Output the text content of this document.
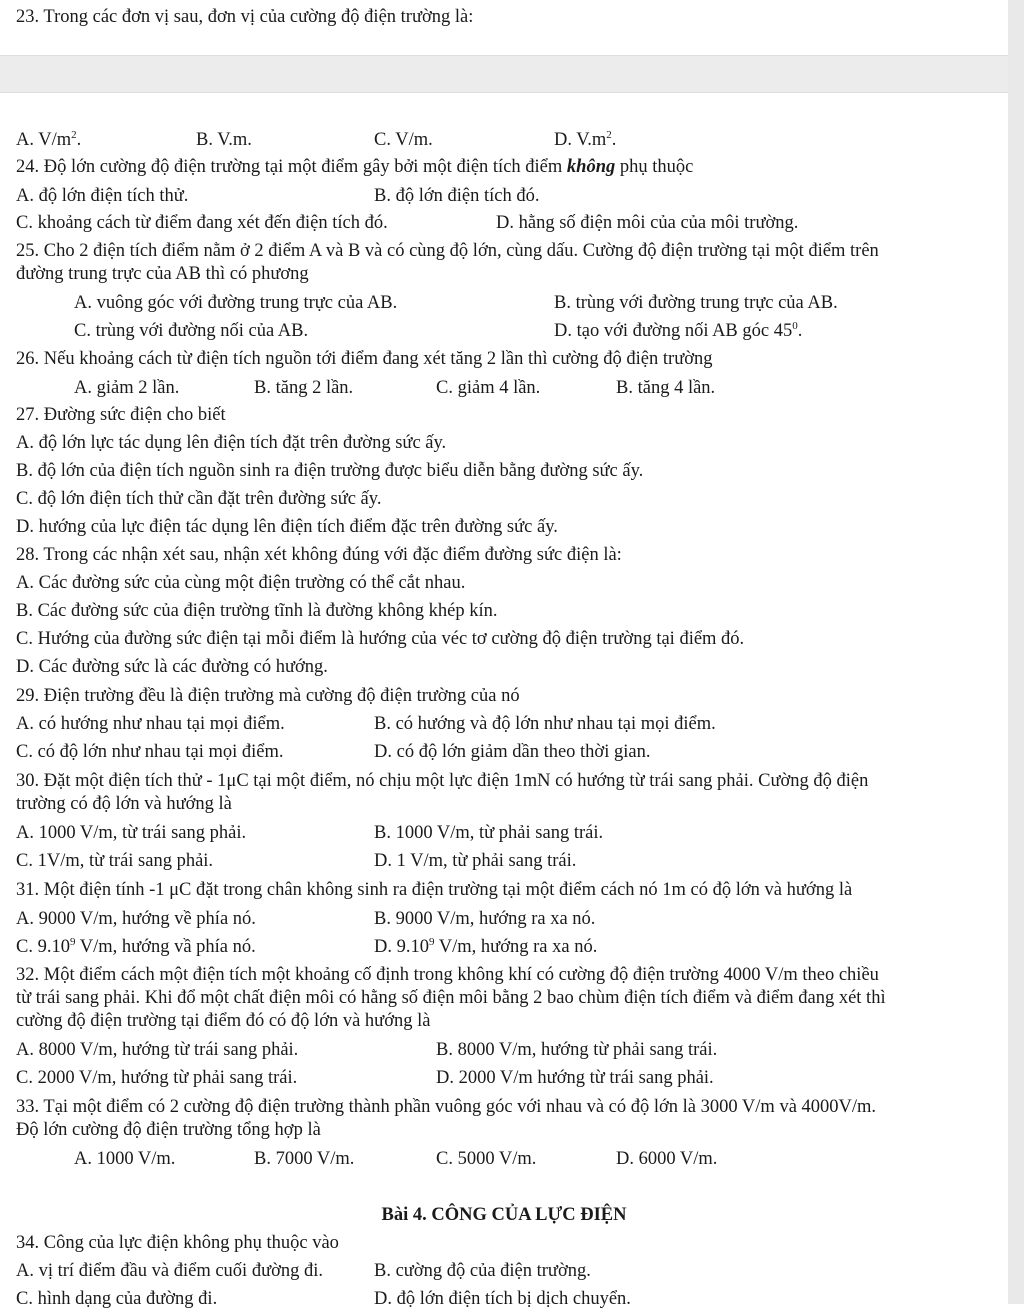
23. Trong các đơn vị sau, đơn vị của cường độ điện trường là:
A. $V/m^2$.	B. V.m.	C. V/m.	D. $V.m^2$.
24. Độ lớn cường độ điện trường tại một điểm gây bởi một điện tích điểm không phụ thuộc
A. độ lớn điện tích thử.	B. độ lớn điện tích đó.
C. khoảng cách từ điểm đang xét đến điện tích đó.	D. hằng số điện môi của của môi trường.
25. Cho 2 điện tích điểm nằm ở 2 điểm A và B và có cùng độ lớn, cùng dấu. Cường độ điện trường tại một điểm trên
đường trung trực của AB thì có phương
A. vuông góc với đường trung trực của AB.	B. trùng với đường trung trực của AB.
C. trùng với đường nối của AB.	D. tạo với đường nối AB góc $45^0$.
26. Nếu khoảng cách từ điện tích nguồn tới điểm đang xét tăng 2 lần thì cường độ điện trường
A. giảm 2 lần.	B. tăng 2 lần.	C. giảm 4 lần.	B. tăng 4 lần.
27. Đường sức điện cho biết
A. độ lớn lực tác dụng lên điện tích đặt trên đường sức ấy.
B. độ lớn của điện tích nguồn sinh ra điện trường được biểu diễn bằng đường sức ấy.
C. độ lớn điện tích thử cần đặt trên đường sức ấy.
D. hướng của lực điện tác dụng lên điện tích điểm đặc trên đường sức ấy.
28. Trong các nhận xét sau, nhận xét không đúng với đặc điểm đường sức điện là:
A. Các đường sức của cùng một điện trường có thể cắt nhau.
B. Các đường sức của điện trường tĩnh là đường không khép kín.
C. Hướng của đường sức điện tại mỗi điểm là hướng của véc tơ cường độ điện trường tại điểm đó.
D. Các đường sức là các đường có hướng.
29. Điện trường đều là điện trường mà cường độ điện trường của nó
A. có hướng như nhau tại mọi điểm.	B. có hướng và độ lớn như nhau tại mọi điểm.
C. có độ lớn như nhau tại mọi điểm.	D. có độ lớn giảm dần theo thời gian.
30. Đặt một điện tích thử - 1μC tại một điểm, nó chịu một lực điện 1mN có hướng từ trái sang phải. Cường độ điện
trường có độ lớn và hướng là
A. 1000 V/m, từ trái sang phải.	B. 1000 V/m, từ phải sang trái.
C. 1V/m, từ trái sang phải.	D. 1 V/m, từ phải sang trái.
31. Một điện tính -1 μC đặt trong chân không sinh ra điện trường tại một điểm cách nó 1m có độ lớn và hướng là
A. 9000 V/m, hướng về phía nó.	B. 9000 V/m, hướng ra xa nó.
C. 9.10$^9$ V/m, hướng vầ phía nó.	D. 9.10$^9$ V/m, hướng ra xa nó.
32. Một điểm cách một điện tích một khoảng cố định trong không khí có cường độ điện trường 4000 V/m theo chiều
từ trái sang phải. Khi đổ một chất điện môi có hằng số điện môi bằng 2 bao chùm điện tích điểm và điểm đang xét thì
cường độ điện trường tại điểm đó có độ lớn và hướng là
A. 8000 V/m, hướng từ trái sang phải.	B. 8000 V/m, hướng từ phải sang trái.
C. 2000 V/m, hướng từ phải sang trái.	D. 2000 V/m hướng từ trái sang phải.
33. Tại một điểm có 2 cường độ điện trường thành phần vuông góc với nhau và có độ lớn là 3000 V/m và 4000V/m.
Độ lớn cường độ điện trường tổng hợp là
A. 1000 V/m.	B. 7000 V/m.	C. 5000 V/m.	D. 6000 V/m.
Bài 4. CÔNG CỦA LỰC ĐIỆN
34. Công của lực điện không phụ thuộc vào
A. vị trí điểm đầu và điểm cuối đường đi.	B. cường độ của điện trường.
C. hình dạng của đường đi.	D. độ lớn điện tích bị dịch chuyển.
